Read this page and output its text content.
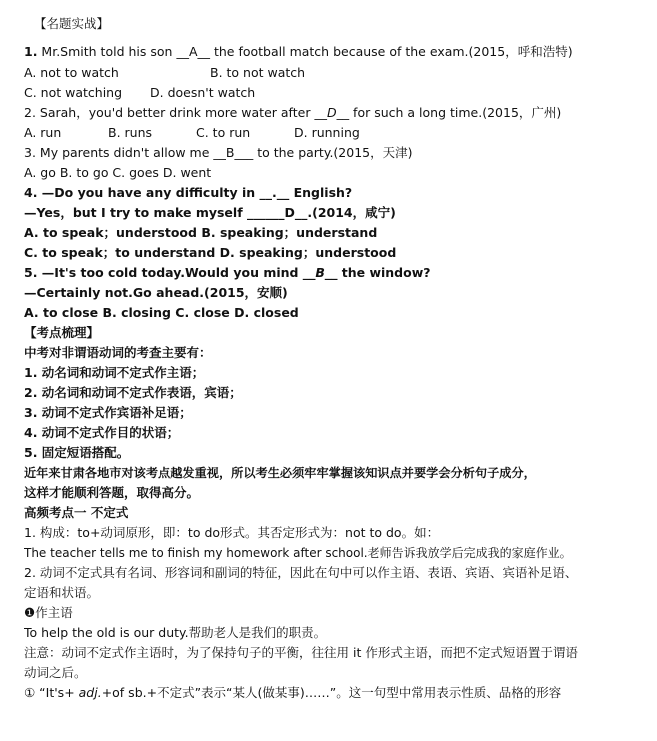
【名题实战】
1. Mr.Smith told his son __A__ the football match because of the exam.(2015，呼和浩特)
A. not to watch	B. to not watch
C. not watching D. doesn't watch
2. Sarah，you'd better drink more water after __D__ for such a long time.(2015，广州)
A. run	B. runs	C. to run	D. running
3. My parents didn't allow me __B___ to the party.(2015，天津)
A. go B. to go C. goes D. went
4. —Do you have any difficulty in __.__ English?
—Yes，but I try to make myself ______D__.(2014，咸宁)
A. to speak；understood B. speaking；understand
C. to speak；to understand D. speaking；understood
5. —It's too cold today.Would you mind __B__ the window?
—Certainly not.Go ahead.(2015，安顺)
A. to close B. closing C. close D. closed
【考点梳理】
中考对非谓语动词的考查主要有：
1. 动名词和动词不定式作主语；
2. 动名词和动词不定式作表语，宾语；
3. 动词不定式作宾语补足语；
4. 动词不定式作目的状语；
5. 固定短语搭配。
近年来甘肃各地市对该考点越发重视，所以考生必须牢牢掌握该知识点并要学会分析句子成分，
这样才能顺利答题，取得高分。
高频考点一 不定式
1. 构成：to+动词原形，即：to do形式。其否定形式为：not to do。如：
The teacher tells me to finish my homework after school.老师告诉我放学后完成我的家庭作业。
2. 动词不定式具有名词、形容词和副词的特征，因此在句中可以作主语、表语、宾语、宾语补足语、
定语和状语。
❶作主语
To help the old is our duty.帮助老人是我们的职责。
注意：动词不定式作主语时，为了保持句子的平衡，往往用 it 作形式主语，而把不定式短语置于谓语
动词之后。
① “It's+ adj.+of sb.+不定式”表示“某人(做某事)……”。这一句型中常用表示性质、品格的形容
